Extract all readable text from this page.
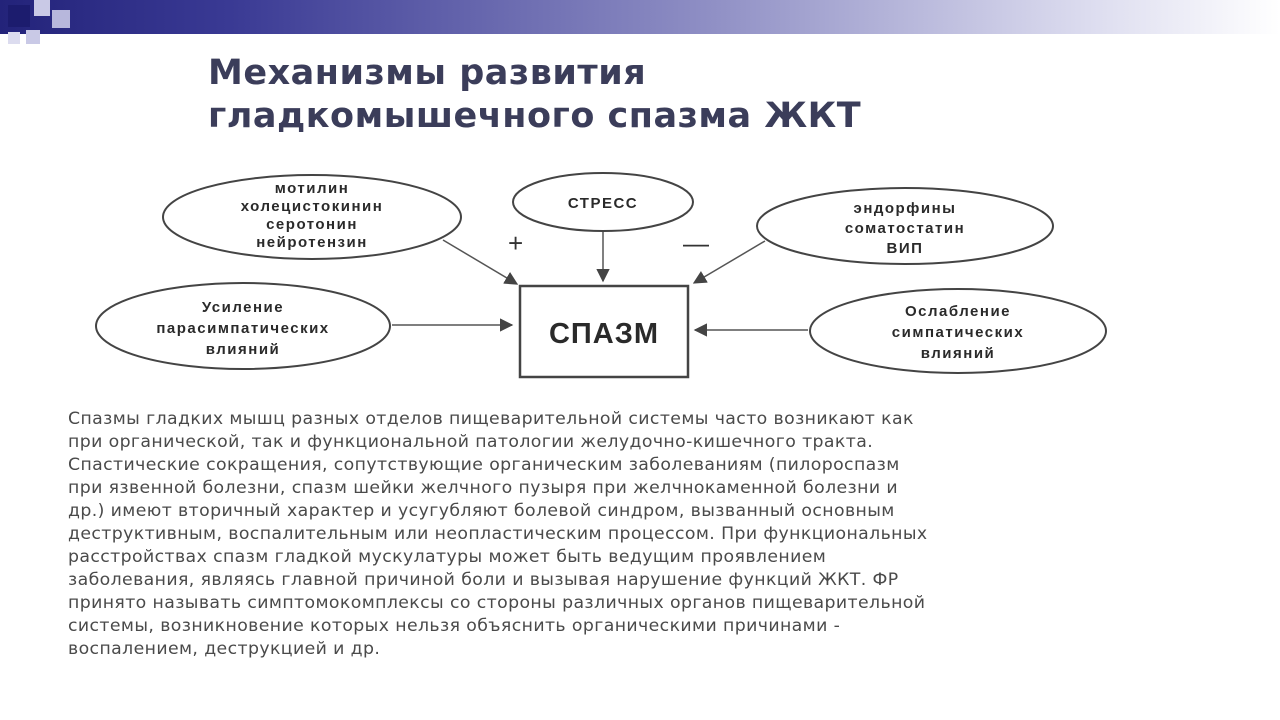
Механизмы развития
гладкомышечного спазма ЖКТ
мотилин
холецистокинин
серотонин
нейротензин
СТРЕСС	эндорфины
соматостатин
ВИП
Усиление
парасимпатических
влияний
Ослабление
симпатических
влияний
СПАЗМ
+	—

Спазмы гладких мышц разных отделов пищеварительной системы часто возникают как
при органической, так и функциональной патологии желудочно-кишечного тракта.
Спастические сокращения, сопутствующие органическим заболеваниям (пилороспазм
при язвенной болезни, спазм шейки желчного пузыря при желчнокаменной болезни и
др.) имеют вторичный характер и усугубляют болевой синдром, вызванный основным
деструктивным, воспалительным или неопластическим процессом. При функциональных
расстройствах спазм гладкой мускулатуры может быть ведущим проявлением
заболевания, являясь главной причиной боли и вызывая нарушение функций ЖКТ. ФР
принято называть симптомокомплексы со стороны различных органов пищеварительной
системы, возникновение которых нельзя объяснить органическими причинами -
воспалением, деструкцией и др.
